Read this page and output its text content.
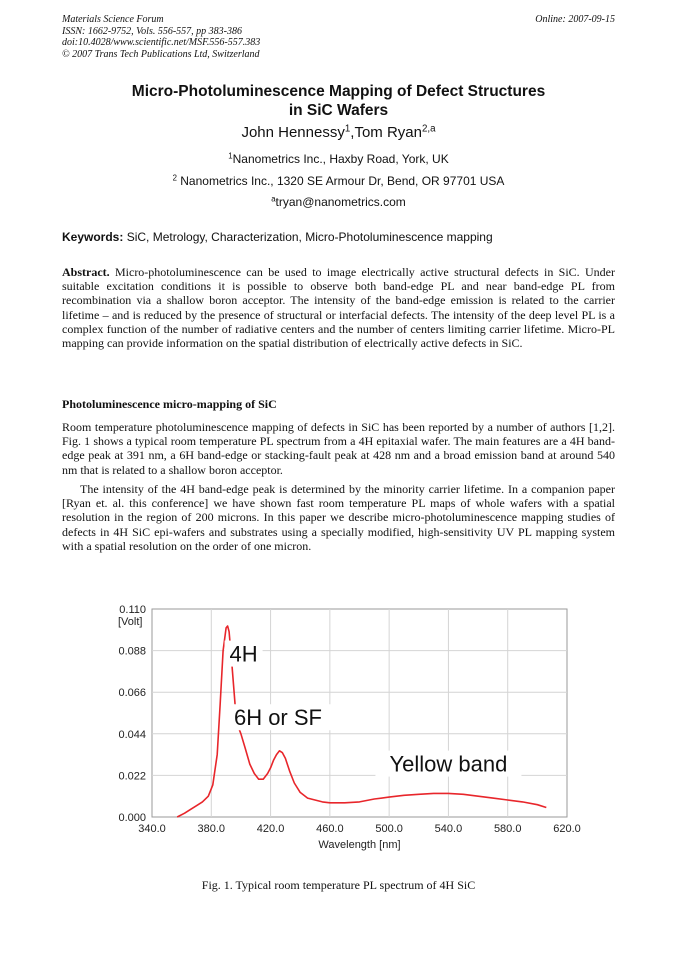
Materials Science Forum
ISSN: 1662-9752, Vols. 556-557, pp 383-386
doi:10.4028/www.scientific.net/MSF.556-557.383
© 2007 Trans Tech Publications Ltd, Switzerland
Online: 2007-09-15
Micro-Photoluminescence Mapping of Defect Structures
in SiC Wafers
John Hennessy$^1$,Tom Ryan$^{2,a}$
$^1$Nanometrics Inc., Haxby Road, York, UK
$^2$ Nanometrics Inc., 1320 SE Armour Dr, Bend, OR 97701 USA
$^a$tryan@nanometrics.com
Keywords: SiC, Metrology, Characterization, Micro-Photoluminescence mapping
Abstract. Micro-photoluminescence can be used to image electrically active structural defects in SiC. Under suitable excitation conditions it is possible to observe both band-edge PL and near band-edge PL from recombination via a shallow boron acceptor. The intensity of the band-edge emission is related to the carrier lifetime – and is reduced by the presence of structural or interfacial defects. The intensity of the deep level PL is a complex function of the number of radiative centers and the number of centers limiting carrier lifetime. Micro-PL mapping can provide information on the spatial distribution of electrically active defects in SiC.
Photoluminescence micro-mapping of SiC
Room temperature photoluminescence mapping of defects in SiC has been reported by a number of authors [1,2]. Fig. 1 shows a typical room temperature PL spectrum from a 4H epitaxial wafer. The main features are a 4H band-edge peak at 391 nm, a 6H band-edge or stacking-fault peak at 428 nm and a broad emission band at around 540 nm that is related to a shallow boron acceptor.
The intensity of the 4H band-edge peak is determined by the minority carrier lifetime. In a companion paper [Ryan et. al. this conference] we have shown fast room temperature PL maps of whole wafers with a spatial resolution in the region of 200 microns. In this paper we describe micro-photoluminescence mapping studies of defects in 4H SiC epi-wafers and substrates using a specially modified, high-sensitivity UV PL mapping system with a spatial resolution on the order of one micron.
340.0	380.0	420.0	460.0	500.0	540.0	580.0	620.0
0.000
0.022
0.044
0.066
0.088
0.110
[Volt]
Wavelength [nm]
4H
6H or SF
Yellow band
Fig. 1. Typical room temperature PL spectrum of 4H SiC
